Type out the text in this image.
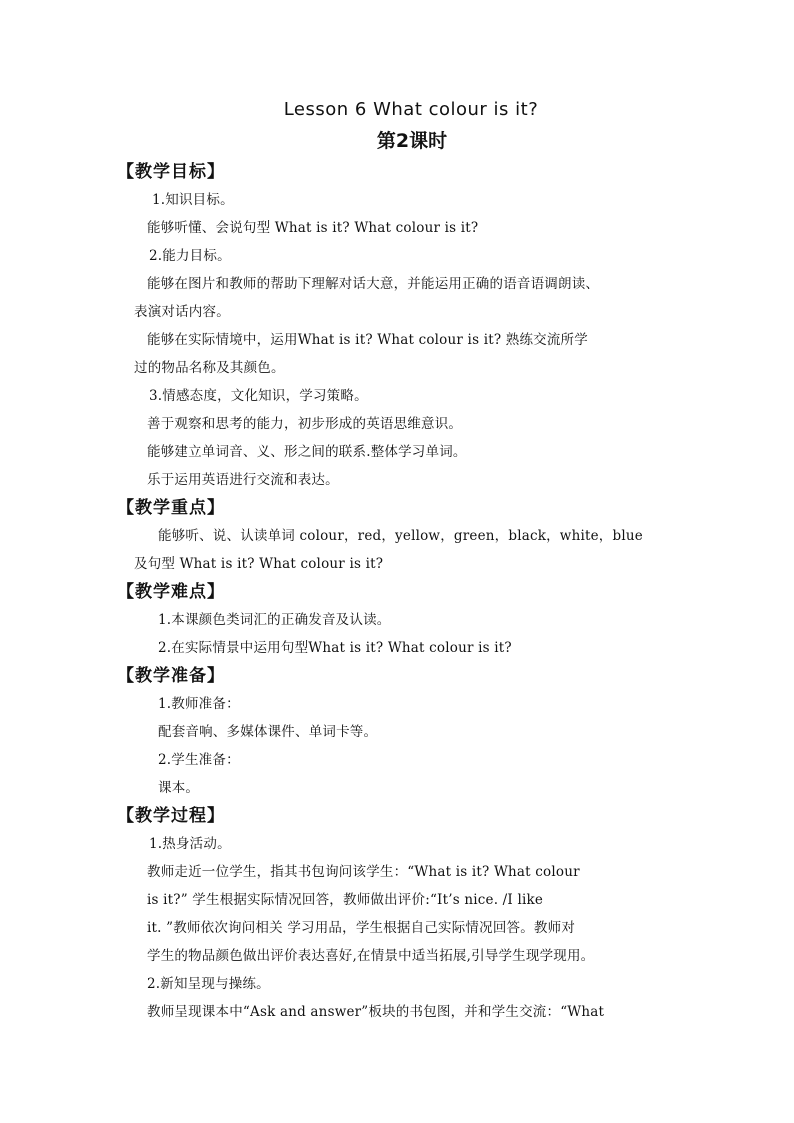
Lesson 6 What colour is it?
第2课时
【教学目标】
1.知识目标。
能够听懂、会说句型 What is it? What colour is it?
2.能力目标。
能够在图片和教师的帮助下理解对话大意，并能运用正确的语音语调朗读、
表演对话内容。
能够在实际情境中，运用What is it? What colour is it? 熟练交流所学
过的物品名称及其颜色。
3.情感态度，文化知识，学习策略。
善于观察和思考的能力，初步形成的英语思维意识。
能够建立单词音、义、形之间的联系.整体学习单词。
乐于运用英语进行交流和表达。
【教学重点】
能够听、说、认读单词 colour，red，yellow，green，black，white，blue
及句型 What is it? What colour is it?
【教学难点】
1.本课颜色类词汇的正确发音及认读。
2.在实际情景中运用句型What is it? What colour is it?
【教学准备】
1.教师准备：
配套音响、多媒体课件、单词卡等。
2.学生准备：
课本。
【教学过程】
1.热身活动。
教师走近一位学生，指其书包询问该学生：“What is it? What colour
is it?” 学生根据实际情况回答，教师做出评价:“It’s nice. /I like
it. ”教师依次询问相关 学习用品，学生根据自己实际情况回答。教师对
学生的物品颜色做出评价表达喜好,在情景中适当拓展,引导学生现学现用。
2.新知呈现与操练。
教师呈现课本中“Ask and answer”板块的书包图，并和学生交流：“What
